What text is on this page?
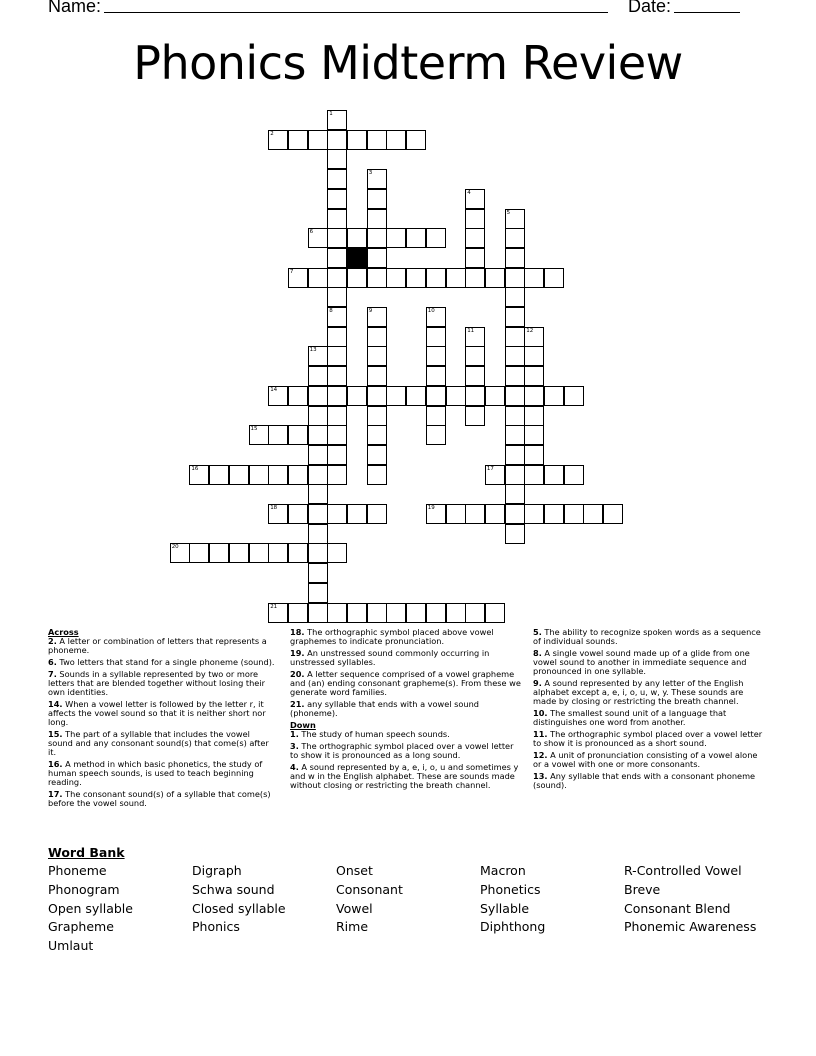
Name:	Date:
Phonics Midterm Review
1
2
3
4
5
6
7
8	9	10
11	12
13
14
15
16	17
18	19
20
21
Across
2. A letter or combination of letters that represents a phoneme.
6. Two letters that stand for a single phoneme (sound).
7. Sounds in a syllable represented by two or more letters that are blended together without losing their own identities.
14. When a vowel letter is followed by the letter r, it affects the vowel sound so that it is neither short nor long.
15. The part of a syllable that includes the vowel sound and any consonant sound(s) that come(s) after it.
16. A method in which basic phonetics, the study of human speech sounds, is used to teach beginning reading.
17. The consonant sound(s) of a syllable that come(s) before the vowel sound.
18. The orthographic symbol placed above vowel graphemes to indicate pronunciation.
19. An unstressed sound commonly occurring in unstressed syllables.
20. A letter sequence comprised of a vowel grapheme and (an) ending consonant grapheme(s). From these we generate word families.
21. any syllable that ends with a vowel sound (phoneme).
Down
1. The study of human speech sounds.
3. The orthographic symbol placed over a vowel letter to show it is pronounced as a long sound.
4. A sound represented by a, e, i, o, u and sometimes y and w in the English alphabet. These are sounds made without closing or restricting the breath channel.
5. The ability to recognize spoken words as a sequence of individual sounds.
8. A single vowel sound made up of a glide from one vowel sound to another in immediate sequence and pronounced in one syllable.
9. A sound represented by any letter of the English alphabet except a, e, i, o, u, w, y. These sounds are made by closing or restricting the breath channel.
10. The smallest sound unit of a language that distinguishes one word from another.
11. The orthographic symbol placed over a vowel letter to show it is pronounced as a short sound.
12. A unit of pronunciation consisting of a vowel alone or a vowel with one or more consonants.
13. Any syllable that ends with a consonant phoneme (sound).
Word Bank
Phoneme	Digraph	Onset	Macron	R-Controlled Vowel
Phonogram	Schwa sound	Consonant	Phonetics	Breve
Open syllable	Closed syllable	Vowel	Syllable	Consonant Blend
Grapheme	Phonics	Rime	Diphthong	Phonemic Awareness
Umlaut
